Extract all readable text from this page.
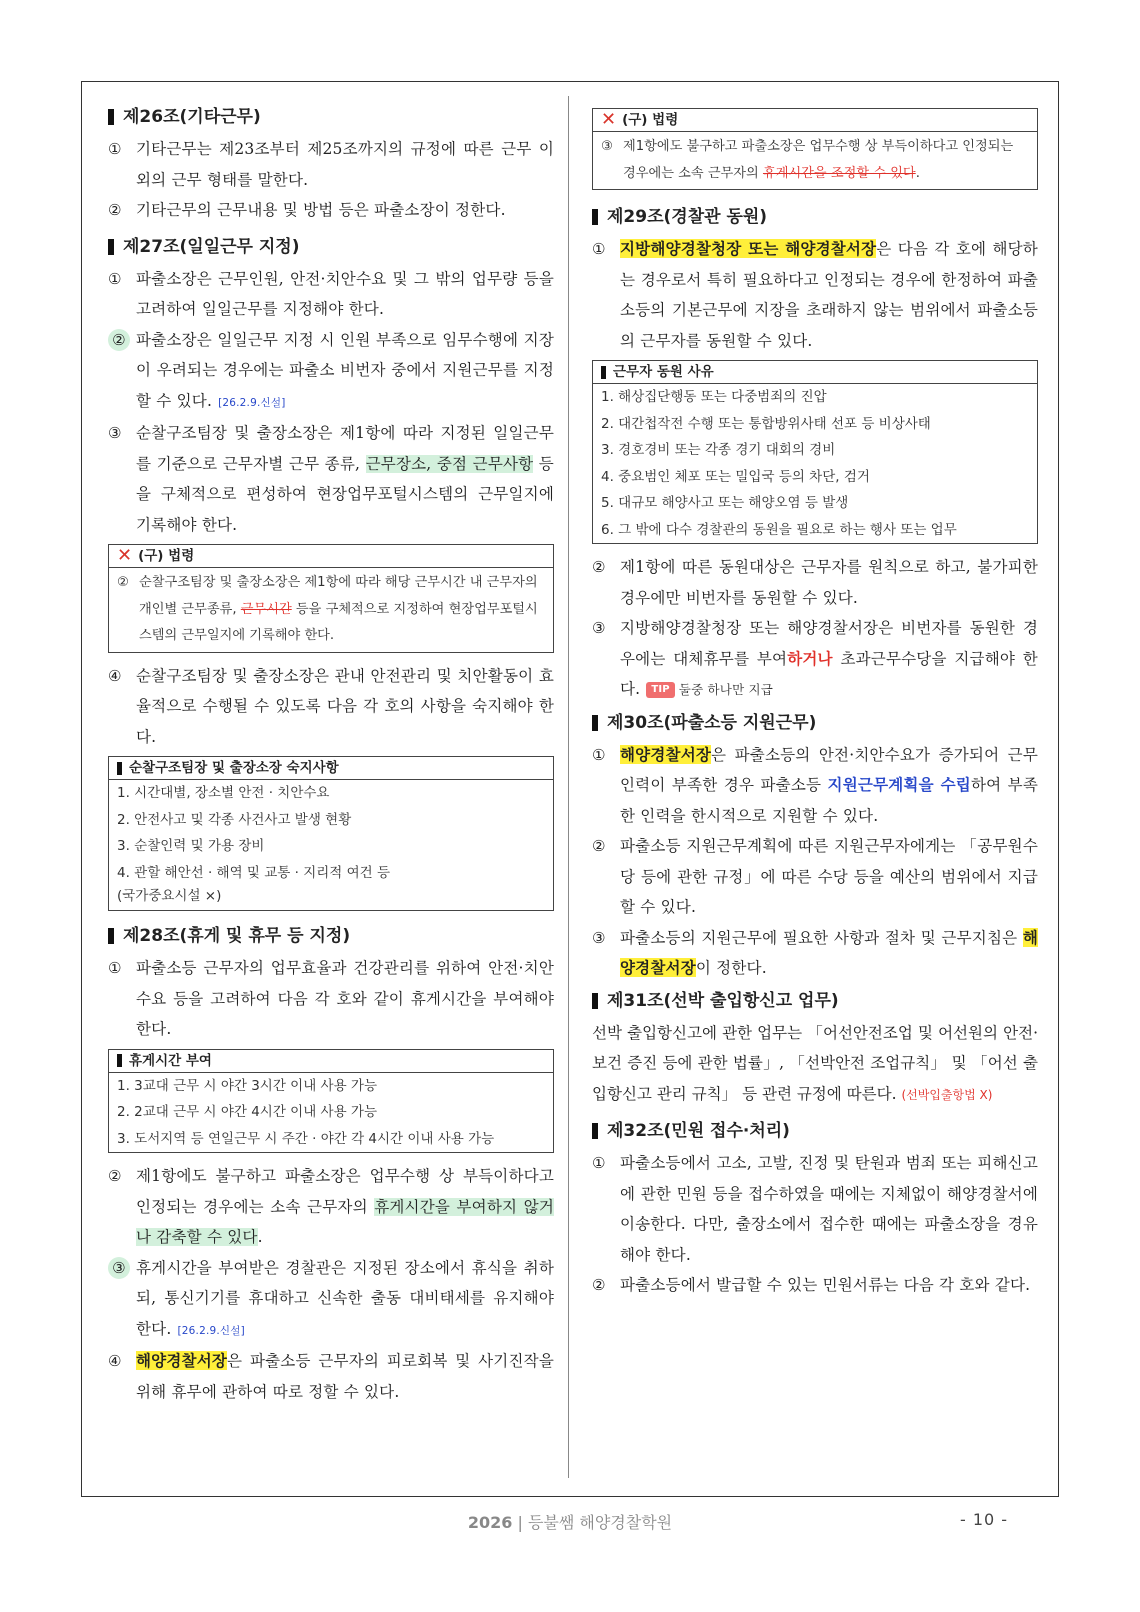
제26조(기타근무)
① 기타근무는 제23조부터 제25조까지의 규정에 따른 근무 이외의 근무 형태를 말한다.
② 기타근무의 근무내용 및 방법 등은 파출소장이 정한다.
제27조(일일근무 지정)
① 파출소장은 근무인원, 안전·치안수요 및 그 밖의 업무량 등을 고려하여 일일근무를 지정해야 한다.
② 파출소장은 일일근무 지정 시 인원 부족으로 임무수행에 지장이 우려되는 경우에는 파출소 비번자 중에서 지원근무를 지정할 수 있다. [26.2.9.신설]
③ 순찰구조팀장 및 출장소장은 제1항에 따라 지정된 일일근무를 기준으로 근무자별 근무 종류, 근무장소, 중점 근무사항 등을 구체적으로 편성하여 현장업무포털시스템의 근무일지에 기록해야 한다.
✕ (구) 법령
② 순찰구조팀장 및 출장소장은 제1항에 따라 해당 근무시간 내 근무자의 개인별 근무종류, 근무시간 등을 구체적으로 지정하여 현장업무포털시스템의 근무일지에 기록해야 한다.
④ 순찰구조팀장 및 출장소장은 관내 안전관리 및 치안활동이 효율적으로 수행될 수 있도록 다음 각 호의 사항을 숙지해야 한다.
순찰구조팀장 및 출장소장 숙지사항
1. 시간대별, 장소별 안전 · 치안수요
2. 안전사고 및 각종 사건사고 발생 현황
3. 순찰인력 및 가용 장비
4. 관할 해안선 · 해역 및 교통 · 지리적 여건 등
(국가중요시설 ×)
제28조(휴게 및 휴무 등 지정)
① 파출소등 근무자의 업무효율과 건강관리를 위하여 안전·치안수요 등을 고려하여 다음 각 호와 같이 휴게시간을 부여해야 한다.
휴게시간 부여
1. 3교대 근무 시 야간 3시간 이내 사용 가능
2. 2교대 근무 시 야간 4시간 이내 사용 가능
3. 도서지역 등 연일근무 시 주간 · 야간 각 4시간 이내 사용 가능
② 제1항에도 불구하고 파출소장은 업무수행 상 부득이하다고 인정되는 경우에는 소속 근무자의 휴게시간을 부여하지 않거나 감축할 수 있다.
③ 휴게시간을 부여받은 경찰관은 지정된 장소에서 휴식을 취하되, 통신기기를 휴대하고 신속한 출동 대비태세를 유지해야 한다. [26.2.9.신설]
④ 해양경찰서장은 파출소등 근무자의 피로회복 및 사기진작을 위해 휴무에 관하여 따로 정할 수 있다.
✕ (구) 법령
③ 제1항에도 불구하고 파출소장은 업무수행 상 부득이하다고 인정되는 경우에는 소속 근무자의 휴게시간을 조정할 수 있다.
제29조(경찰관 동원)
① 지방해양경찰청장 또는 해양경찰서장은 다음 각 호에 해당하는 경우로서 특히 필요하다고 인정되는 경우에 한정하여 파출소등의 기본근무에 지장을 초래하지 않는 범위에서 파출소등의 근무자를 동원할 수 있다.
근무자 동원 사유
1. 해상집단행동 또는 다중범죄의 진압
2. 대간첩작전 수행 또는 통합방위사태 선포 등 비상사태
3. 경호경비 또는 각종 경기 대회의 경비
4. 중요범인 체포 또는 밀입국 등의 차단, 검거
5. 대규모 해양사고 또는 해양오염 등 발생
6. 그 밖에 다수 경찰관의 동원을 필요로 하는 행사 또는 업무
② 제1항에 따른 동원대상은 근무자를 원칙으로 하고, 불가피한 경우에만 비번자를 동원할 수 있다.
③ 지방해양경찰청장 또는 해양경찰서장은 비번자를 동원한 경우에는 대체휴무를 부여하거나 초과근무수당을 지급해야 한다. TIP 둘중 하나만 지급
제30조(파출소등 지원근무)
① 해양경찰서장은 파출소등의 안전·치안수요가 증가되어 근무인력이 부족한 경우 파출소등 지원근무계획을 수립하여 부족한 인력을 한시적으로 지원할 수 있다.
② 파출소등 지원근무계획에 따른 지원근무자에게는 「공무원수당 등에 관한 규정」에 따른 수당 등을 예산의 범위에서 지급할 수 있다.
③ 파출소등의 지원근무에 필요한 사항과 절차 및 근무지침은 해양경찰서장이 정한다.
제31조(선박 출입항신고 업무)
선박 출입항신고에 관한 업무는 「어선안전조업 및 어선원의 안전·보건 증진 등에 관한 법률」, 「선박안전 조업규칙」 및 「어선 출입항신고 관리 규칙」 등 관련 규정에 따른다. (선박입출항법 X)
제32조(민원 접수·처리)
① 파출소등에서 고소, 고발, 진정 및 탄원과 범죄 또는 피해신고에 관한 민원 등을 접수하였을 때에는 지체없이 해양경찰서에 이송한다. 다만, 출장소에서 접수한 때에는 파출소장을 경유해야 한다.
② 파출소등에서 발급할 수 있는 민원서류는 다음 각 호와 같다.
2026 | 등불쌤 해양경찰학원	- 10 -
